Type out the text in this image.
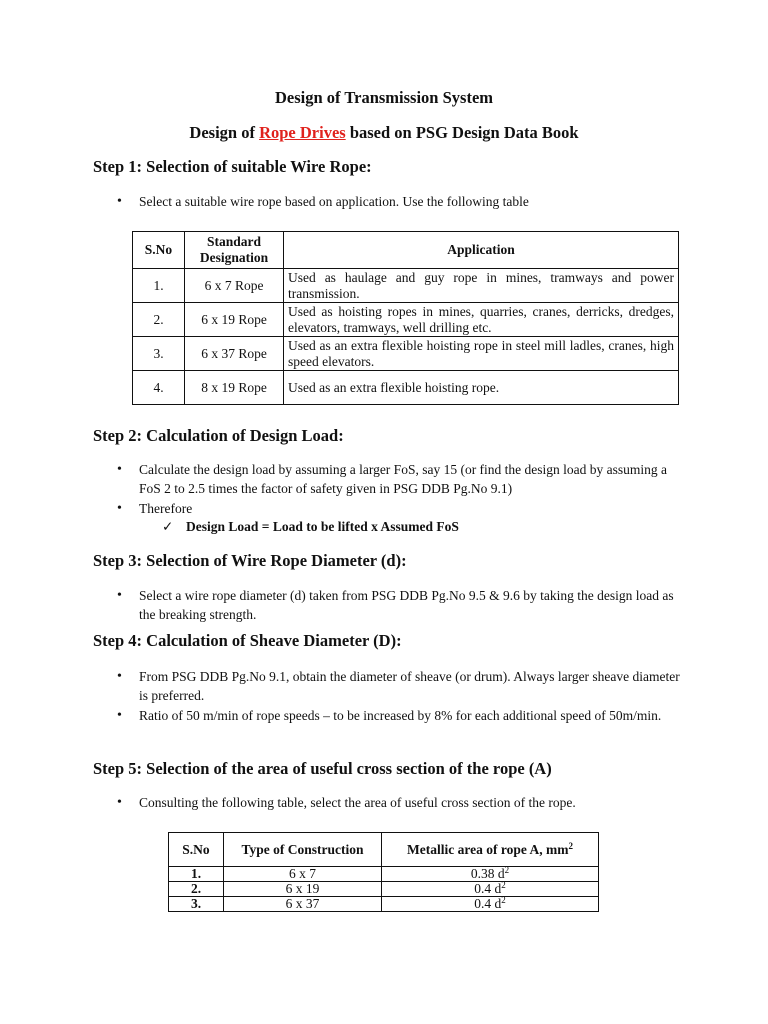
Design of Transmission System
Design of Rope Drives based on PSG Design Data Book
Step 1: Selection of suitable Wire Rope:
• Select a suitable wire rope based on application. Use the following table
S.No	Standard Designation	Application
1.	6 x 7 Rope	Used as haulage and guy rope in mines, tramways and power transmission.
2.	6 x 19 Rope	Used as hoisting ropes in mines, quarries, cranes, derricks, dredges, elevators, tramways, well drilling etc.
3.	6 x 37 Rope	Used as an extra flexible hoisting rope in steel mill ladles, cranes, high speed elevators.
4.	8 x 19 Rope	Used as an extra flexible hoisting rope.
Step 2: Calculation of Design Load:
• Calculate the design load by assuming a larger FoS, say 15 (or find the design load by assuming a FoS 2 to 2.5 times the factor of safety given in PSG DDB Pg.No 9.1)
• Therefore
✓ Design Load = Load to be lifted x Assumed FoS
Step 3: Selection of Wire Rope Diameter (d):
• Select a wire rope diameter (d) taken from PSG DDB Pg.No 9.5 & 9.6 by taking the design load as the breaking strength.
Step 4: Calculation of Sheave Diameter (D):
• From PSG DDB Pg.No 9.1, obtain the diameter of sheave (or drum). Always larger sheave diameter is preferred.
• Ratio of 50 m/min of rope speeds – to be increased by 8% for each additional speed of 50m/min.
Step 5: Selection of the area of useful cross section of the rope (A)
• Consulting the following table, select the area of useful cross section of the rope.
S.No	Type of Construction	Metallic area of rope A, $mm^2$
1.	6 x 7	0.38 $d^2$
2.	6 x 19	0.4 $d^2$
3.	6 x 37	0.4 $d^2$
